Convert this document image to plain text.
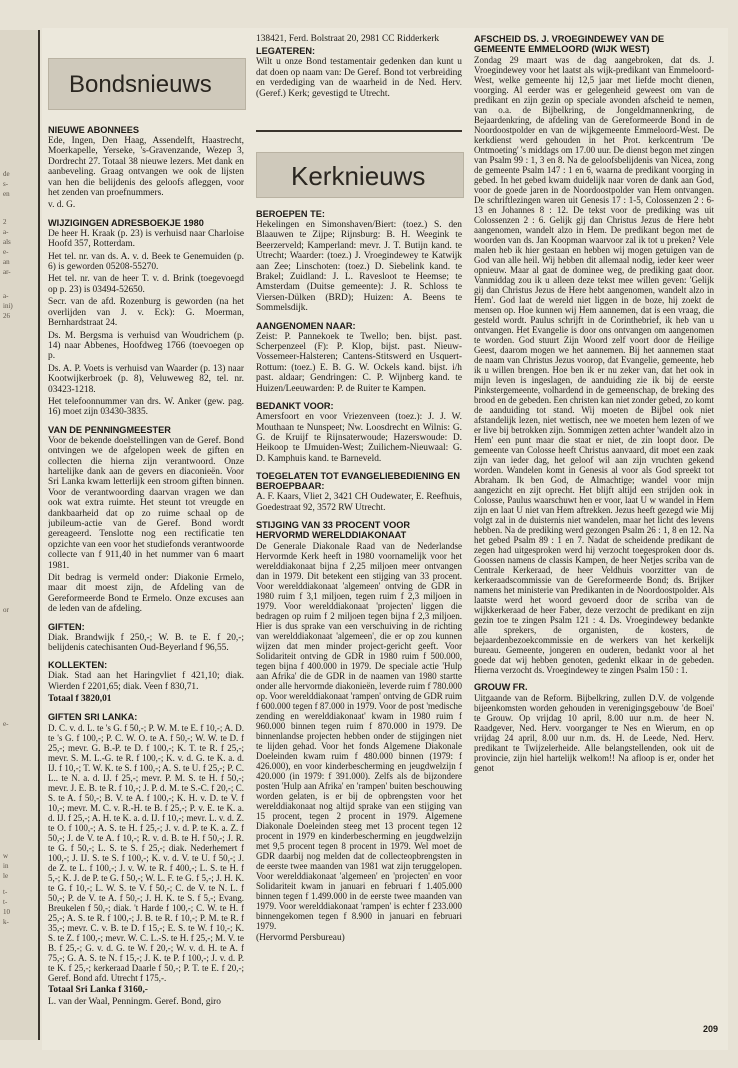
de
s-
en
2
a-
als
e-
an
ar-
a-
ini)
26
or
e-
w
in
le
t-
t-
10
k-
Bondsnieuws
NIEUWE ABONNEES

Ede, Ingen, Den Haag, Assendelft, Haastrecht, Moerkapelle, Yerseke, 's-Gravenzande, Wezep 3, Dordrecht 27. Totaal 38 nieuwe lezers. Met dank en aanbeveling. Graag ontvangen we ook de lijsten van hen die belijdenis des geloofs afleggen, voor het zenden van proefnummers.

v. d. G.

WIJZIGINGEN ADRESBOEKJE 1980

De heer H. Kraak (p. 23) is verhuisd naar Charloise Hoofd 357, Rotterdam.

Het tel. nr. van ds. A. v. d. Beek te Genemuiden (p. 6) is geworden 05208-55270.

Het tel. nr. van de heer T. v. d. Brink (toegevoegd op p. 23) is 03494-52650.

Secr. van de afd. Rozenburg is geworden (na het overlijden van J. v. Eck): G. Moerman, Bernhardstraat 24.

Ds. M. Bergsma is verhuisd van Woudrichem (p. 14) naar Abbenes, Hoofdweg 1766 (toevoegen op p.

Ds. A. P. Voets is verhuisd van Waarder (p. 13) naar Kootwijkerbroek (p. 8), Veluweweg 82, tel. nr. 03423-1218.

Het telefoonnummer van drs. W. Anker (gew. pag. 16) moet zijn 03430-3835.

VAN DE PENNINGMEESTER

Voor de bekende doelstellingen van de Geref. Bond ontvingen we de afgelopen week de giften en collecten die hierna zijn verantwoord. Onze hartelijke dank aan de gevers en diaconieën. Voor Sri Lanka kwam letterlijk een stroom giften binnen. Voor de verantwoording daarvan vragen we dan ook wat extra ruimte. Het steunt tot vreugde en dankbaarheid dat op zo ruime schaal op de jubileum-actie van de Geref. Bond wordt gereageerd. Tenslotte nog een rectificatie ten opzichte van een voor het studiefonds verantwoorde collecte van f 911,40 in het nummer van 6 maart 1981.

Dit bedrag is vermeld onder: Diakonie Ermelo, maar dit moest zijn, de Afdeling van de Gereformeerde Bond te Ermelo. Onze excuses aan de leden van de afdeling.

GIFTEN:

Diak. Brandwijk f 250,-; W. B. te E. f 20,-; belijdenis catechisanten Oud-Beyerland f 96,55.

KOLLEKTEN:

Diak. Stad aan het Haringvliet f 421,10; diak. Wierden f 2201,65; diak. Veen f 830,71.

Totaal f 3820,01

GIFTEN SRI LANKA:

D. C. v. d. L. te 's G. f 50,-; P. W. M. te E. f 10,-; A. D. te 's G. f 100,-; P. C. W. O. te A. f 50,-; W. W. te D. f 25,-; mevr. G. B.-P. te D. f 100,-; K. T. te R. f 25,-; mevr. S. M. L.-G. te R. f 100,-; K. v. d. G. te K. a. d. IJ. f 10,-; T. W. K. te S. f 100,-; A. S. te U. f 25,-; P. C. L.. te N. a. d. IJ. f 25,-; mevr. P. M. S. te H. f 50,-; mevr. J. E. B. te R. f 10,-; J. P. d. M. te S.-C. f 20,-; C. S. te A. f 50,-; B. V. te A. f 100,-; K. H. v. D. te V. f 10,-; mevr. M. C. v. R.-H. te B. f 25,-; P. v. E. te K. a. d. IJ. f 25,-; A. H. te K. a. d. IJ. f 10,-; mevr. L. v. d. Z. te O. f 100,-; A. S. te H. f 25,-; J. v. d. P. te K. a. Z. f 50,-; J. de V. te A. f 10,-; R. v. d. B. te H. f 50,-; J. R. te G. f 50,-; L. S. te S. f 25,-; diak. Nederhemert f 100,-; J. IJ. S. te S. f 100,-; K. v. d. V. te U. f 50,-; J. de Z. te L. f 100,-; J. v. W. te R. f 400,-; L. S. te H. f 5,-; K. J. de P. te G. f 50,-; W. L. F. te G. f 5,-; J. H. K. te G. f 10,-; L. W. S. te V. f 50,-; C. de V. te N. L. f 50,-; P. de V. te A. f 50,-; J. H. K. te S. f 5,-; Evang. Breukelen f 50,-; diak. 't Harde f 100,-; C. W. te H. f 25,-; A. S. te R. f 100,-; J. B. te R. f 10,-; P. M. te R. f 35,-; mevr. C. v. B. te D. f 15,-; E. S. te W. f 10,-; K. S. te Z. f 100,-; mevr. W. C. L.-S. te H. f 25,-; M. V. te B. f 25,-; G. v. d. G. te W. f 20,-; W. v. d. H. te A. f 75,-; G. A. S. te N. f 15,-; J. K. te P. f 100,-; J. v. d. P. te K. f 25,-; kerkeraad Daarle f 50,-; P. T. te E. f 20,-; Geref. Bond afd. Utrecht f 175,-.

Totaal Sri Lanka f 3160,-

L. van der Waal, Penningm. Geref. Bond, giro

138421, Ferd. Bolstraat 20, 2981 CC Ridderkerk

LEGATEREN:

Wilt u onze Bond testamentair gedenken dan kunt u dat doen op naam van: De Geref. Bond tot verbreiding en verdediging van de waarheid in de Ned. Herv. (Geref.) Kerk; gevestigd te Utrecht.

Kerknieuws
BEROEPEN TE:

Hekelingen en Simonshaven/Biert: (toez.) S. den Blaauwen te Zijpe; Rijnsburg: B. H. Weegink te Beerzerveld; Kamperland: mevr. J. T. Butijn kand. te Utrecht; Waarder: (toez.) J. Vroegindewey te Katwijk aan Zee; Linschoten: (toez.) D. Siebelink kand. te Brakel; Zuidland: J. L. Ravesloot te Heemse; te Amsterdam (Duitse gemeente): J. R. Schloss te Viersen-Dülken (BRD); Huizen: A. Beens te Sommelsdijk.

AANGENOMEN NAAR:

Zeist: P. Pannekoek te Twello; ben. bijst. past. Scherpenzeel (F): P. Klop, bijst. past. Nieuw-Vossemeer-Halsteren; Cantens-Stitswerd en Usquert-Rottum: (toez.) E. B. G. W. Ockels kand. bijst. i/h past. aldaar; Gendringen: C. P. Wijnberg kand. te Huizen/Leeuwarden: P. de Ruiter te Kampen.

BEDANKT VOOR:

Amersfoort en voor Vriezenveen (toez.): J. J. W. Mouthaan te Nunspeet; Nw. Loosdrecht en Wilnis: G. G. de Kruijf te Rijnsaterwoude; Hazerswoude: D. Heikoop te IJmuiden-West; Zuilichem-Nieuwaal: G. D. Kamphuis kand. te Barneveld.

TOEGELATEN TOT EVANGELIEBEDIENING EN BEROEPBAAR:

A. F. Kaars, Vliet 2, 3421 CH Oudewater, E. Reefhuis, Goedestraat 92, 3572 RW Utrecht.

STIJGING VAN 33 PROCENT VOOR HERVORMD WERELDDIAKONAAT

De Generale Diakonale Raad van de Nederlandse Hervormde Kerk heeft in 1980 voornamelijk voor het werelddiakonaat bijna f 2,25 miljoen meer ontvangen dan in 1979. Dit betekent een stijging van 33 procent. Voor werelddiakonaat 'algemeen' ontving de GDR in 1980 ruim f 3,1 miljoen, tegen ruim f 2,3 miljoen in 1979. Voor werelddiakonaat 'projecten' liggen die bedragen op ruim f 2 miljoen tegen bijna f 2,3 miljoen. Hier is dus sprake van een verschuiving in de richting van werelddiakonaat 'algemeen', die er op zou kunnen wijzen dat men minder project-gericht geeft. Voor Solidariteit ontving de GDR in 1980 ruim f 500.000, tegen bijna f 400.000 in 1979. De speciale actie 'Hulp aan Afrika' die de GDR in de naamen van 1980 startte onder alle hervormde diakonieën, leverde ruim f 780.000 op. Voor werelddiakonaat 'rampen' ontving de GDR ruim f 600.000 tegen f 87.000 in 1979. Voor de post 'medische zending en werelddiakonaat' kwam in 1980 ruim f 960.000 binnen tegen ruim f 870.000 in 1979. De binnenlandse projecten hebben onder de stijgingen niet te lijden gehad. Voor het fonds Algemene Diakonale Doeleinden kwam ruim f 480.000 binnen (1979: f 426.000), en voor kinderbescherming en jeugdwelzijn f 420.000 (in 1979: f 391.000). Zelfs als de bijzondere posten 'Hulp aan Afrika' en 'rampen' buiten beschouwing worden gelaten, is er bij de opbrengsten voor het werelddiakonaat nog altijd sprake van een stijging van 15 procent, tegen 2 procent in 1979. Algemene Diakonale Doeleinden steeg met 13 procent tegen 12 procent in 1979 en kinderbescherming en jeugdwelzijn met 9,5 procent tegen 8 procent in 1979. Wel moet de GDR daarbij nog melden dat de collecteopbrengsten in de eerste twee maanden van 1981 wat zijn teruggelopen. Voor werelddiakonaat 'algemeen' en 'projecten' en voor Solidariteit kwam in januari en februari f 1.405.000 binnen tegen f 1.499.000 in de eerste twee maanden van 1979. Voor werelddiakonaat 'rampen' is echter f 233.000 binnengekomen tegen f 8.900 in januari en februari 1979.

(Hervormd Persbureau)

AFSCHEID DS. J. VROEGINDEWEY VAN DE GEMEENTE EMMELOORD (WIJK WEST)

Zondag 29 maart was de dag aangebroken, dat ds. J. Vroegindewey voor het laatst als wijk-predikant van Emmeloord-West, welke gemeente hij 12,5 jaar met liefde mocht dienen, voorging. Al eerder was er gelegenheid geweest om van de predikant en zijn gezin op speciale avonden afscheid te nemen, van o.a. de Bijbelkring, de Jongeldmannenkring, de Bejaardenkring, de afdeling van de Gereformeerde Bond in de Noordoostpolder en van de wijkgemeente Emmeloord-West. De kerkdienst werd gehouden in het Prot. kerkcentrum 'De Ontmoeting' 's middags om 17.00 uur. De dienst begon met zingen van Psalm 99 : 1, 3 en 8. Na de geloofsbelijdenis van Nicea, zong de gemeente Psalm 147 : 1 en 6, waarna de predikant voorging in gebed. In het gebed kwam duidelijk naar voren de dank aan God, voor de goede jaren in de Noordoostpolder van Hem ontvangen. De schriftlezingen waren uit Genesis 17 : 1-5, Colossenzen 2 : 6-13 en Johannes 8 : 12. De tekst voor de prediking was uit Colossenzen 2 : 6. Gelijk gij dan Christus Jezus de Here hebt aangenomen, wandelt alzo in Hem. De predikant begon met de woorden van ds. Jan Koopman waarvoor zal ik tot u preken? Vele malen heb ik hier gestaan en hebben wij mogen getuigen van de God van alle heil. Wij hebben dit allemaal nodig, ieder keer weer opnieuw. Maar al gaat de dominee weg, de prediking gaat door. Vanmiddag zou ik u alleen deze tekst mee willen geven: 'Gelijk gij dan Christus Jezus de Here hebt aangenomen, wandelt alzo in Hem'. God laat de wereld niet liggen in de boze, hij zoekt de mensen op. Hoe kunnen wij Hem aannemen, dat is een vraag, die gesteld wordt. Paulus schrijft in de Corinthebrief, ik heb van u ontvangen. Het Evangelie is door ons ontvangen om aangenomen te worden. God stuurt Zijn Woord zelf voort door de Heilige Geest, daarom mogen we het aannemen. Bij het aannemen staat de naam van Christus Jezus voorop, dat Evangelie, gemeente, heb ik u willen brengen. Hoe ben ik er nu zeker van, dat het ook in mijn leven is ingeslagen, de aanduiding zie ik bij de eerste Pinkstergemeente, volhardend in de gemeenschap, de breking des brood en de gebeden. Een christen kan niet zonder gebed, zo komt de aanduiding tot stand. Wij moeten de Bijbel ook niet afstandelijk lezen, niet wettisch, nee we moeten hem lezen of we er live bij betrokken zijn. Sommigen zetten achter 'wandelt alzo in Hem' een punt maar die staat er niet, de zin loopt door. De gemeente van Colosse heeft Christus aanvaard, dit moet een zaak zijn van ieder dag, het geloof wil aan zijn vruchten gekend worden. Wandelen komt in Genesis al voor als God spreekt tot Abraham. Ik ben God, de Almachtige; wandel voor mijn aangezicht en zijt oprecht. Het blijft altijd een strijden ook in Colosse, Paulus waarschuwt hen er voor, laat U w wandel in Hem zijn en laat U niet van Hem aftrekken. Jezus heeft gezegd wie Mij volgt zal in de duisternis niet wandelen, maar het licht des levens hebben. Na de prediking werd gezongen Psalm 26 : 1, 8 en 12. Na het gebed Psalm 89 : 1 en 7. Nadat de scheidende predikant de zegen had uitgesproken werd hij verzocht toegesproken door ds. Goossen namens de classis Kampen, de heer Netjes scriba van de Centrale Kerkeraad, de heer Veldhuis voorzitter van de kerkeraadscommissie van de Gereformeerde Bond; ds. Brijker namens het ministerie van Predikanten in de Noordoostpolder. Als laatste werd het woord gevoerd door de scriba van de wijkkerkeraad de heer Faber, deze verzocht de predikant en zijn gezin toe te zingen Psalm 121 : 4. Ds. Vroegindewey bedankte alle sprekers, de organisten, de kosters, de bejaardenbezoekcommissie en de werkers van het kerkelijk bureau. Gemeente, jongeren en ouderen, bedankt voor al het goede dat wij hebben genoten, gedenkt elkaar in de gebeden. Hierna verzocht ds. Vroegindewey te zingen Psalm 150 : 1.

GROUW FR.

Uitgaande van de Reform. Bijbelkring, zullen D.V. de volgende bijeenkomsten worden gehouden in verenigingsgebouw 'de Boei' te Grouw. Op vrijdag 10 april, 8.00 uur n.m. de heer N. Raadgever, Ned. Herv. voorganger te Nes en Wierum, en op vrijdag 24 april, 8.00 uur n.m. ds. H. de Leede, Ned. Herv. predikant te Twijzelerheide. Alle belangstellenden, ook uit de provincie, zijn hiel hartelijk welkom!! Na afloop is er, onder het genot

209
